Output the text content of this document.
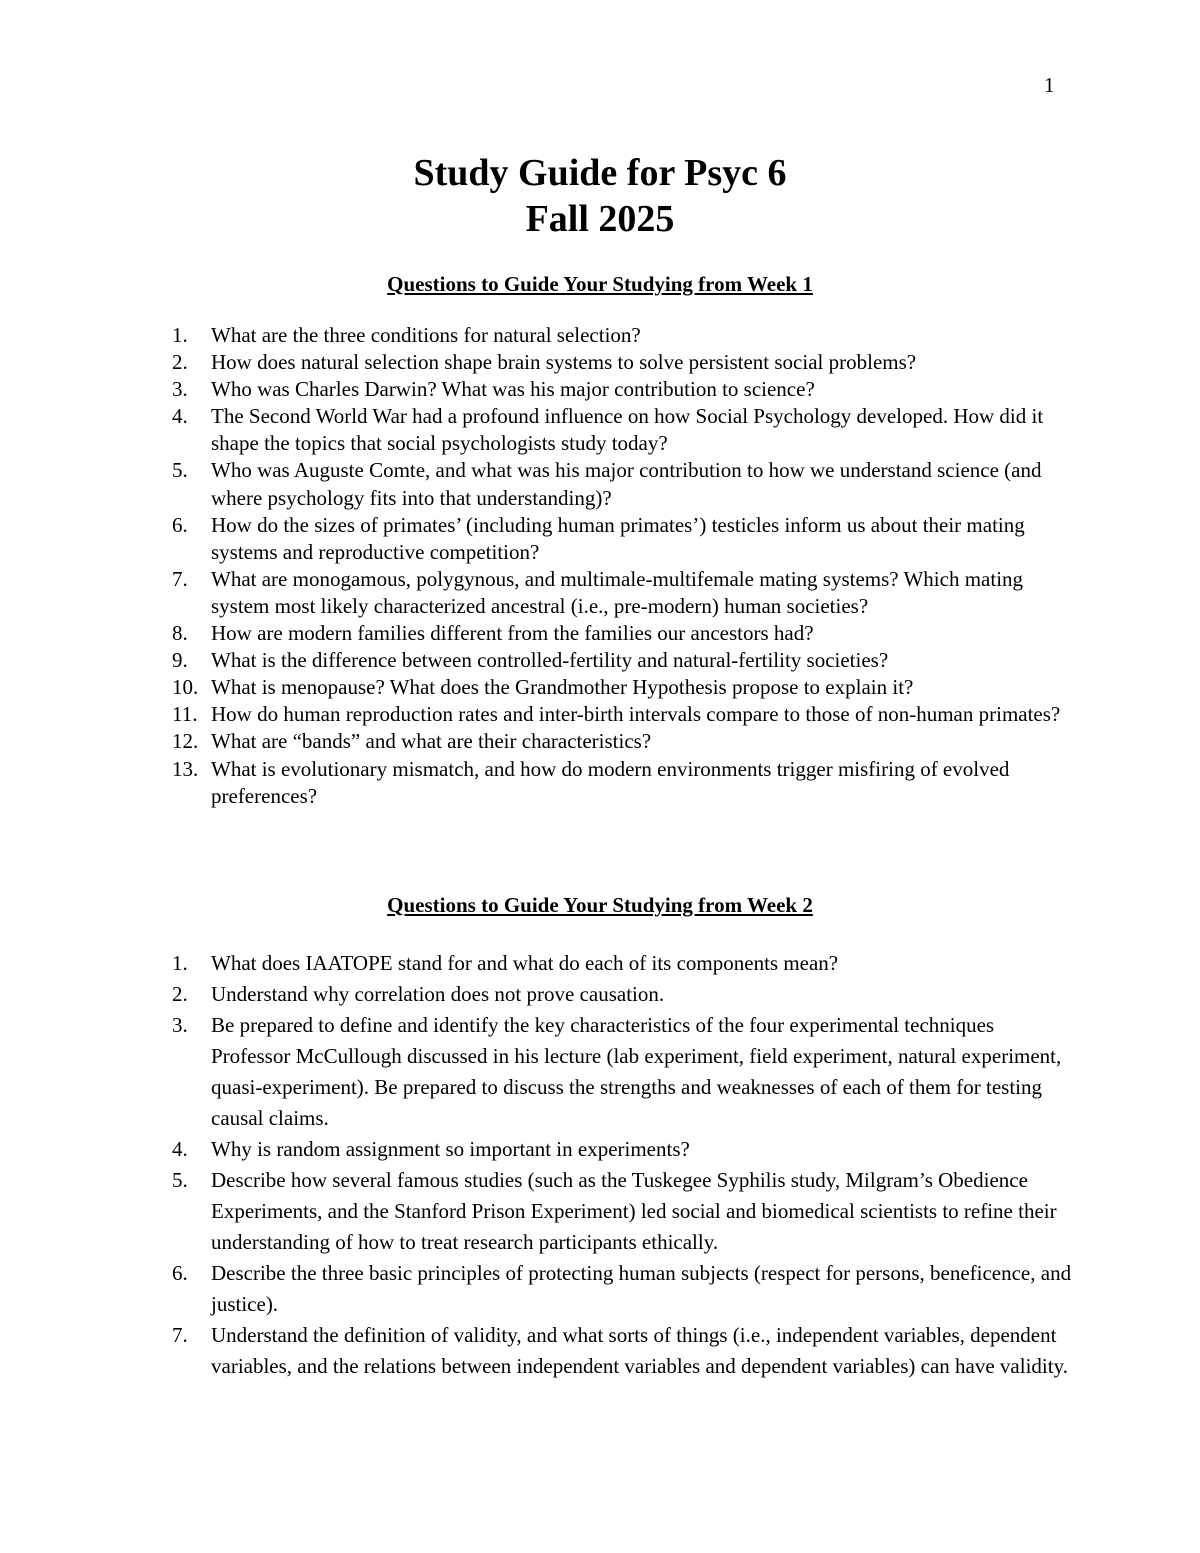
1
Study Guide for Psyc 6
Fall 2025
Questions to Guide Your Studying from Week 1
1. What are the three conditions for natural selection?
2. How does natural selection shape brain systems to solve persistent social problems?
3. Who was Charles Darwin? What was his major contribution to science?
4. The Second World War had a profound influence on how Social Psychology developed. How did it shape the topics that social psychologists study today?
5. Who was Auguste Comte, and what was his major contribution to how we understand science (and where psychology fits into that understanding)?
6. How do the sizes of primates’ (including human primates’) testicles inform us about their mating systems and reproductive competition?
7. What are monogamous, polygynous, and multimale-multifemale mating systems? Which mating system most likely characterized ancestral (i.e., pre-modern) human societies?
8. How are modern families different from the families our ancestors had?
9. What is the difference between controlled-fertility and natural-fertility societies?
10. What is menopause? What does the Grandmother Hypothesis propose to explain it?
11. How do human reproduction rates and inter-birth intervals compare to those of non-human primates?
12. What are “bands” and what are their characteristics?
13. What is evolutionary mismatch, and how do modern environments trigger misfiring of evolved preferences?
Questions to Guide Your Studying from Week 2
1. What does IAATOPE stand for and what do each of its components mean?
2. Understand why correlation does not prove causation.
3. Be prepared to define and identify the key characteristics of the four experimental techniques Professor McCullough discussed in his lecture (lab experiment, field experiment, natural experiment, quasi-experiment). Be prepared to discuss the strengths and weaknesses of each of them for testing causal claims.
4. Why is random assignment so important in experiments?
5. Describe how several famous studies (such as the Tuskegee Syphilis study, Milgram’s Obedience Experiments, and the Stanford Prison Experiment) led social and biomedical scientists to refine their understanding of how to treat research participants ethically.
6. Describe the three basic principles of protecting human subjects (respect for persons, beneficence, and justice).
7. Understand the definition of validity, and what sorts of things (i.e., independent variables, dependent variables, and the relations between independent variables and dependent variables) can have validity.
